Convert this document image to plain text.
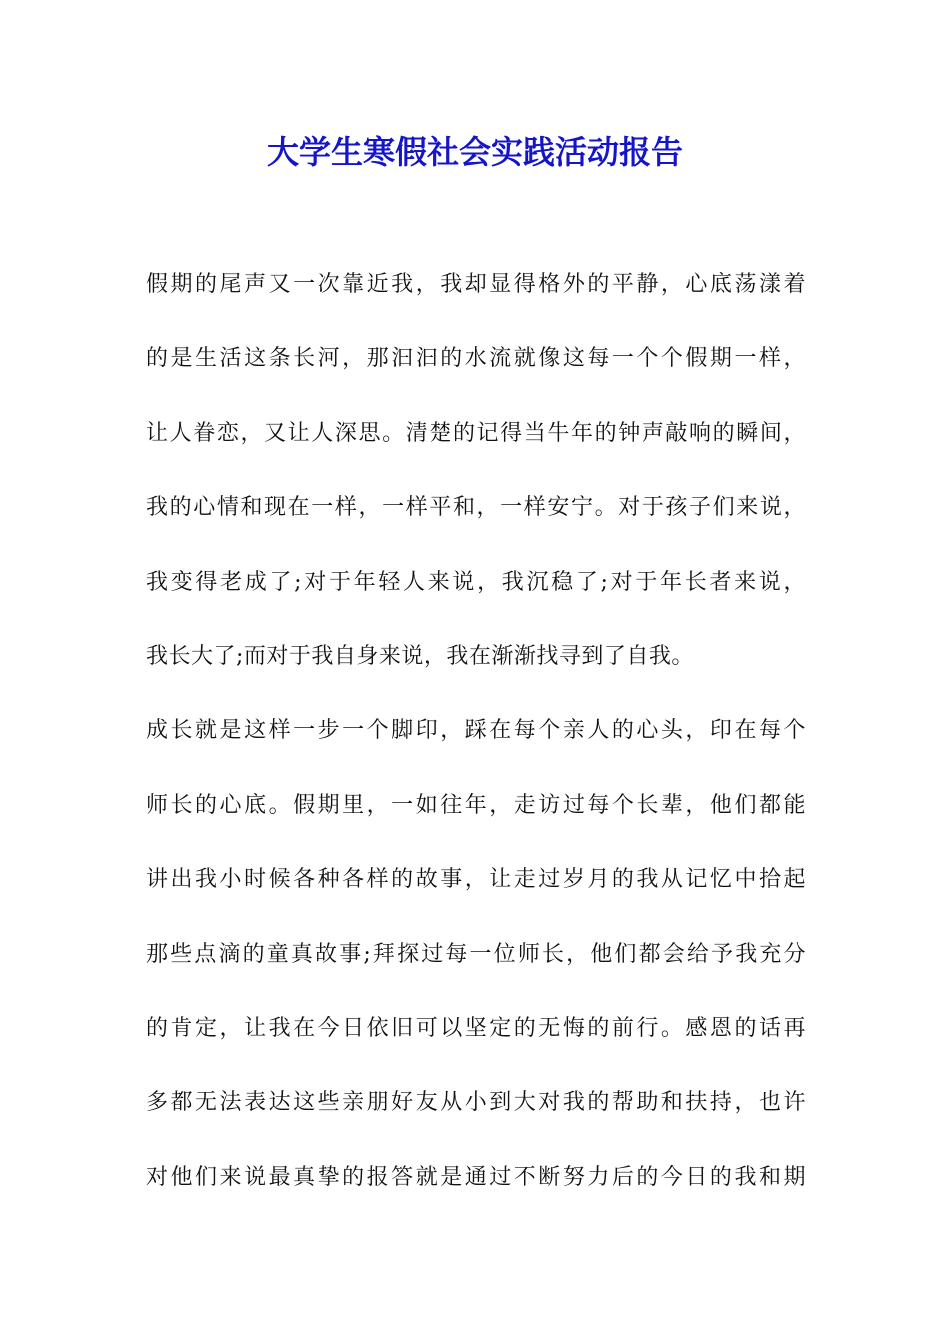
大学生寒假社会实践活动报告
假期的尾声又一次靠近我，我却显得格外的平静，心底荡漾着
的是生活这条长河，那汩汩的水流就像这每一个个假期一样，
让人眷恋，又让人深思。清楚的记得当牛年的钟声敲响的瞬间，
我的心情和现在一样，一样平和，一样安宁。对于孩子们来说，
我变得老成了;对于年轻人来说，我沉稳了;对于年长者来说，
我长大了;而对于我自身来说，我在渐渐找寻到了自我。
成长就是这样一步一个脚印，踩在每个亲人的心头，印在每个
师长的心底。假期里，一如往年，走访过每个长辈，他们都能
讲出我小时候各种各样的故事，让走过岁月的我从记忆中拾起
那些点滴的童真故事;拜探过每一位师长，他们都会给予我充分
的肯定，让我在今日依旧可以坚定的无悔的前行。感恩的话再
多都无法表达这些亲朋好友从小到大对我的帮助和扶持，也许
对他们来说最真挚的报答就是通过不断努力后的今日的我和期
